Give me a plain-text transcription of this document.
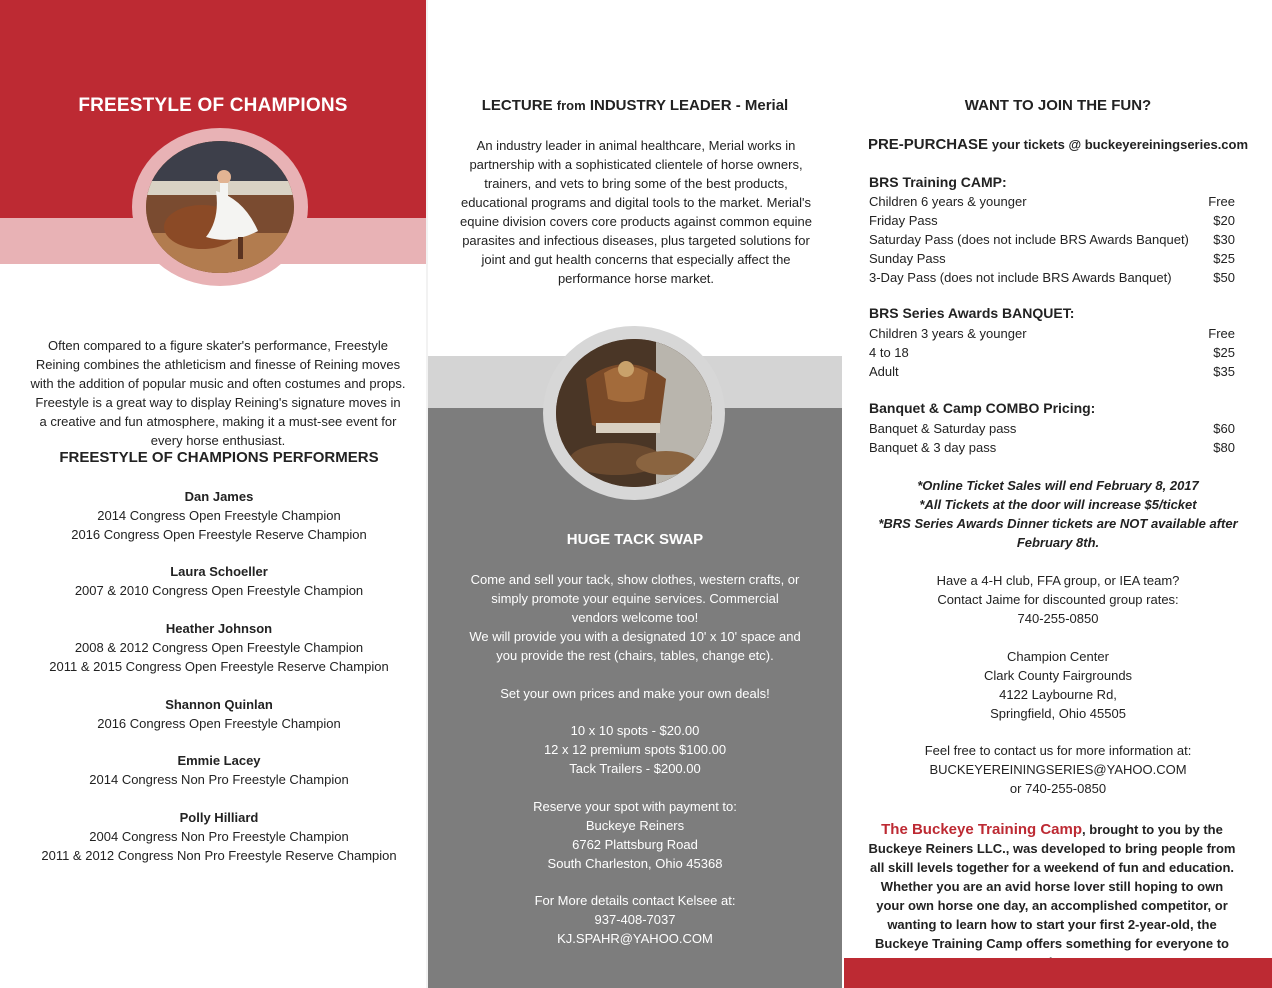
FREESTYLE OF CHAMPIONS
Often compared to a figure skater's performance, Freestyle Reining combines the athleticism and finesse of Reining moves with the addition of popular music and often costumes and props. Freestyle is a great way to display Reining's signature moves in a creative and fun atmosphere, making it a must-see event for every horse enthusiast.
FREESTYLE OF CHAMPIONS PERFORMERS
Dan James
2014 Congress Open Freestyle Champion
2016 Congress Open Freestyle Reserve Champion
Laura Schoeller
2007 & 2010 Congress Open Freestyle Champion
Heather Johnson
2008 & 2012 Congress Open Freestyle Champion
2011 & 2015 Congress Open Freestyle Reserve Champion
Shannon Quinlan
2016 Congress Open Freestyle Champion
Emmie Lacey
2014 Congress Non Pro Freestyle Champion
Polly Hilliard
2004 Congress Non Pro Freestyle Champion
2011 & 2012 Congress Non Pro Freestyle Reserve Champion
LECTURE from INDUSTRY LEADER - Merial
An industry leader in animal healthcare, Merial works in partnership with a sophisticated clientele of horse owners, trainers, and vets to bring some of the best products, educational programs and digital tools to the market. Merial's equine division covers core products against common equine parasites and infectious diseases, plus targeted solutions for joint and gut health concerns that especially affect the performance horse market.
HUGE TACK SWAP
Come and sell your tack, show clothes, western crafts, or simply promote your equine services. Commercial vendors welcome too!
We will provide you with a designated 10' x 10' space and you provide the rest (chairs, tables, change etc).
Set your own prices and make your own deals!
10 x 10 spots - $20.00
12 x 12 premium spots $100.00
Tack Trailers - $200.00
Reserve your spot with payment to:
Buckeye Reiners
6762 Plattsburg Road
South Charleston, Ohio 45368
For More details contact Kelsee at:
937-408-7037
KJ.SPAHR@YAHOO.COM
WANT TO JOIN THE FUN?
PRE-PURCHASE your tickets @ buckeyereiningseries.com
BRS Training CAMP:
Children 6 years & younger	Free
Friday Pass	$20
Saturday Pass (does not include BRS Awards Banquet) $30
Sunday Pass	$25
3-Day Pass (does not include BRS Awards Banquet)	$50
BRS Series Awards BANQUET:
Children 3 years & younger	Free
4 to 18	$25
Adult	$35
Banquet & Camp COMBO Pricing:
Banquet & Saturday pass	$60
Banquet & 3 day pass	$80
*Online Ticket Sales will end February 8, 2017
*All Tickets at the door will increase $5/ticket
*BRS Series Awards Dinner tickets are NOT available after
February 8th.
Have a 4-H club, FFA group, or IEA team?
Contact Jaime for discounted group rates:
740-255-0850
Champion Center
Clark County Fairgrounds
4122 Laybourne Rd,
Springfield, Ohio 45505
Feel free to contact us for more information at:
BUCKEYEREININGSERIES@YAHOO.COM
or 740-255-0850
The Buckeye Training Camp, brought to you by the Buckeye Reiners LLC., was developed to bring people from all skill levels together for a weekend of fun and education. Whether you are an avid horse lover still hoping to own your own horse one day, an accomplished competitor, or wanting to learn how to start your first 2-year-old, the Buckeye Training Camp offers something for everyone to
